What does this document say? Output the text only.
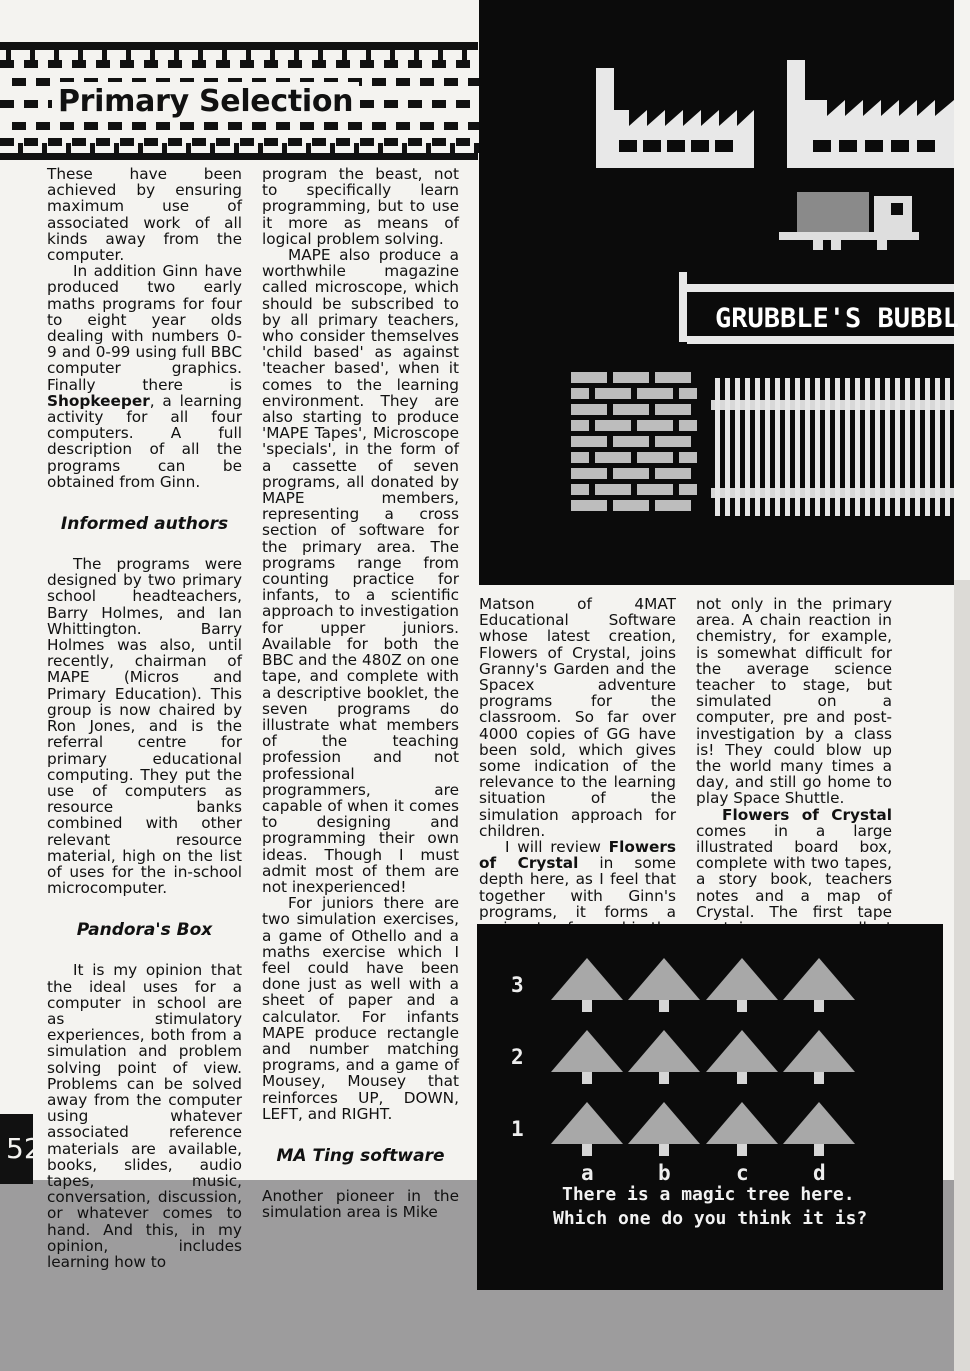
Primary Selection

These have been achieved by ensuring maximum use of associated work of all kinds away from the computer.

In addition Ginn have produced two early maths programs for four to eight year olds dealing with numbers 0-9 and 0-99 using full BBC computer graphics. Finally there is Shopkeeper, a learning activity for all four computers. A full description of all the programs can be obtained from Ginn.

Informed authors

The programs were designed by two primary school headteachers, Barry Holmes, and Ian Whittington. Barry Holmes was also, until recently, chairman of MAPE (Micros and Primary Education). This group is now chaired by Ron Jones, and is the referral centre for primary educational computing. They put the use of computers as resource banks combined with other relevant resource material, high on the list of uses for the in-school microcomputer.

Pandora's Box

It is my opinion that the ideal uses for a computer in school are as stimulatory experiences, both from a simulation and problem solving point of view. Problems can be solved away from the computer using whatever associated reference materials are available, books, slides, audio tapes, music, conversation, discussion, or whatever comes to hand. And this, in my opinion, includes learning how to

program the beast, not to specifically learn programming, but to use it more as means of logical problem solving.

MAPE also produce a worthwhile magazine called microscope, which should be subscribed to by all primary teachers, who consider themselves 'child based' as against 'teacher based', when it comes to the learning environment. They are also starting to produce 'MAPE Tapes', Microscope 'specials', in the form of a cassette of seven programs, all donated by MAPE members, representing a cross section of software for the primary area. The programs range from counting practice for infants, to a scientific approach to investigation for upper juniors. Available for both the BBC and the 480Z on one tape, and complete with a descriptive booklet, the seven programs do illustrate what members of the teaching profession and not professional programmers, are capable of when it comes to designing and programming their own ideas. Though I must admit most of them are not inexperienced!

For juniors there are two simulation exercises, a game of Othello and a maths exercise which I feel could have been done just as well with a sheet of paper and a calculator. For infants MAPE produce rectangle and number matching programs, and a game of Mousey, Mousey that reinforces UP, DOWN, LEFT, and RIGHT.

MA Ting software

Another pioneer in the simulation area is Mike

Matson of 4MAT Educational Software whose latest creation, Flowers of Crystal, joins Granny's Garden and the Spacex adventure programs for the classroom. So far over 4000 copies of GG have been sold, which gives some indication of the relevance to the learning situation of the simulation approach for children.

I will review Flowers of Crystal in some depth here, as I feel that together with Ginn's programs, it forms a

not only in the primary area. A chain reaction in chemistry, for example, is somewhat difficult for the average science teacher to stage, but simulated on a computer, pre and post-investigation by a class is! They could blow up the world many times a day, and still go home to play Space Shuttle.

Flowers of Crystal comes in a large illustrated board box, complete with two tapes, a story book, teachers notes and a map of Crystal. The first tape

GRUBBLE'S BUBBL
3
2
1
a	b	c	d
There is a magic tree here.
Which one do you think it is?
52
